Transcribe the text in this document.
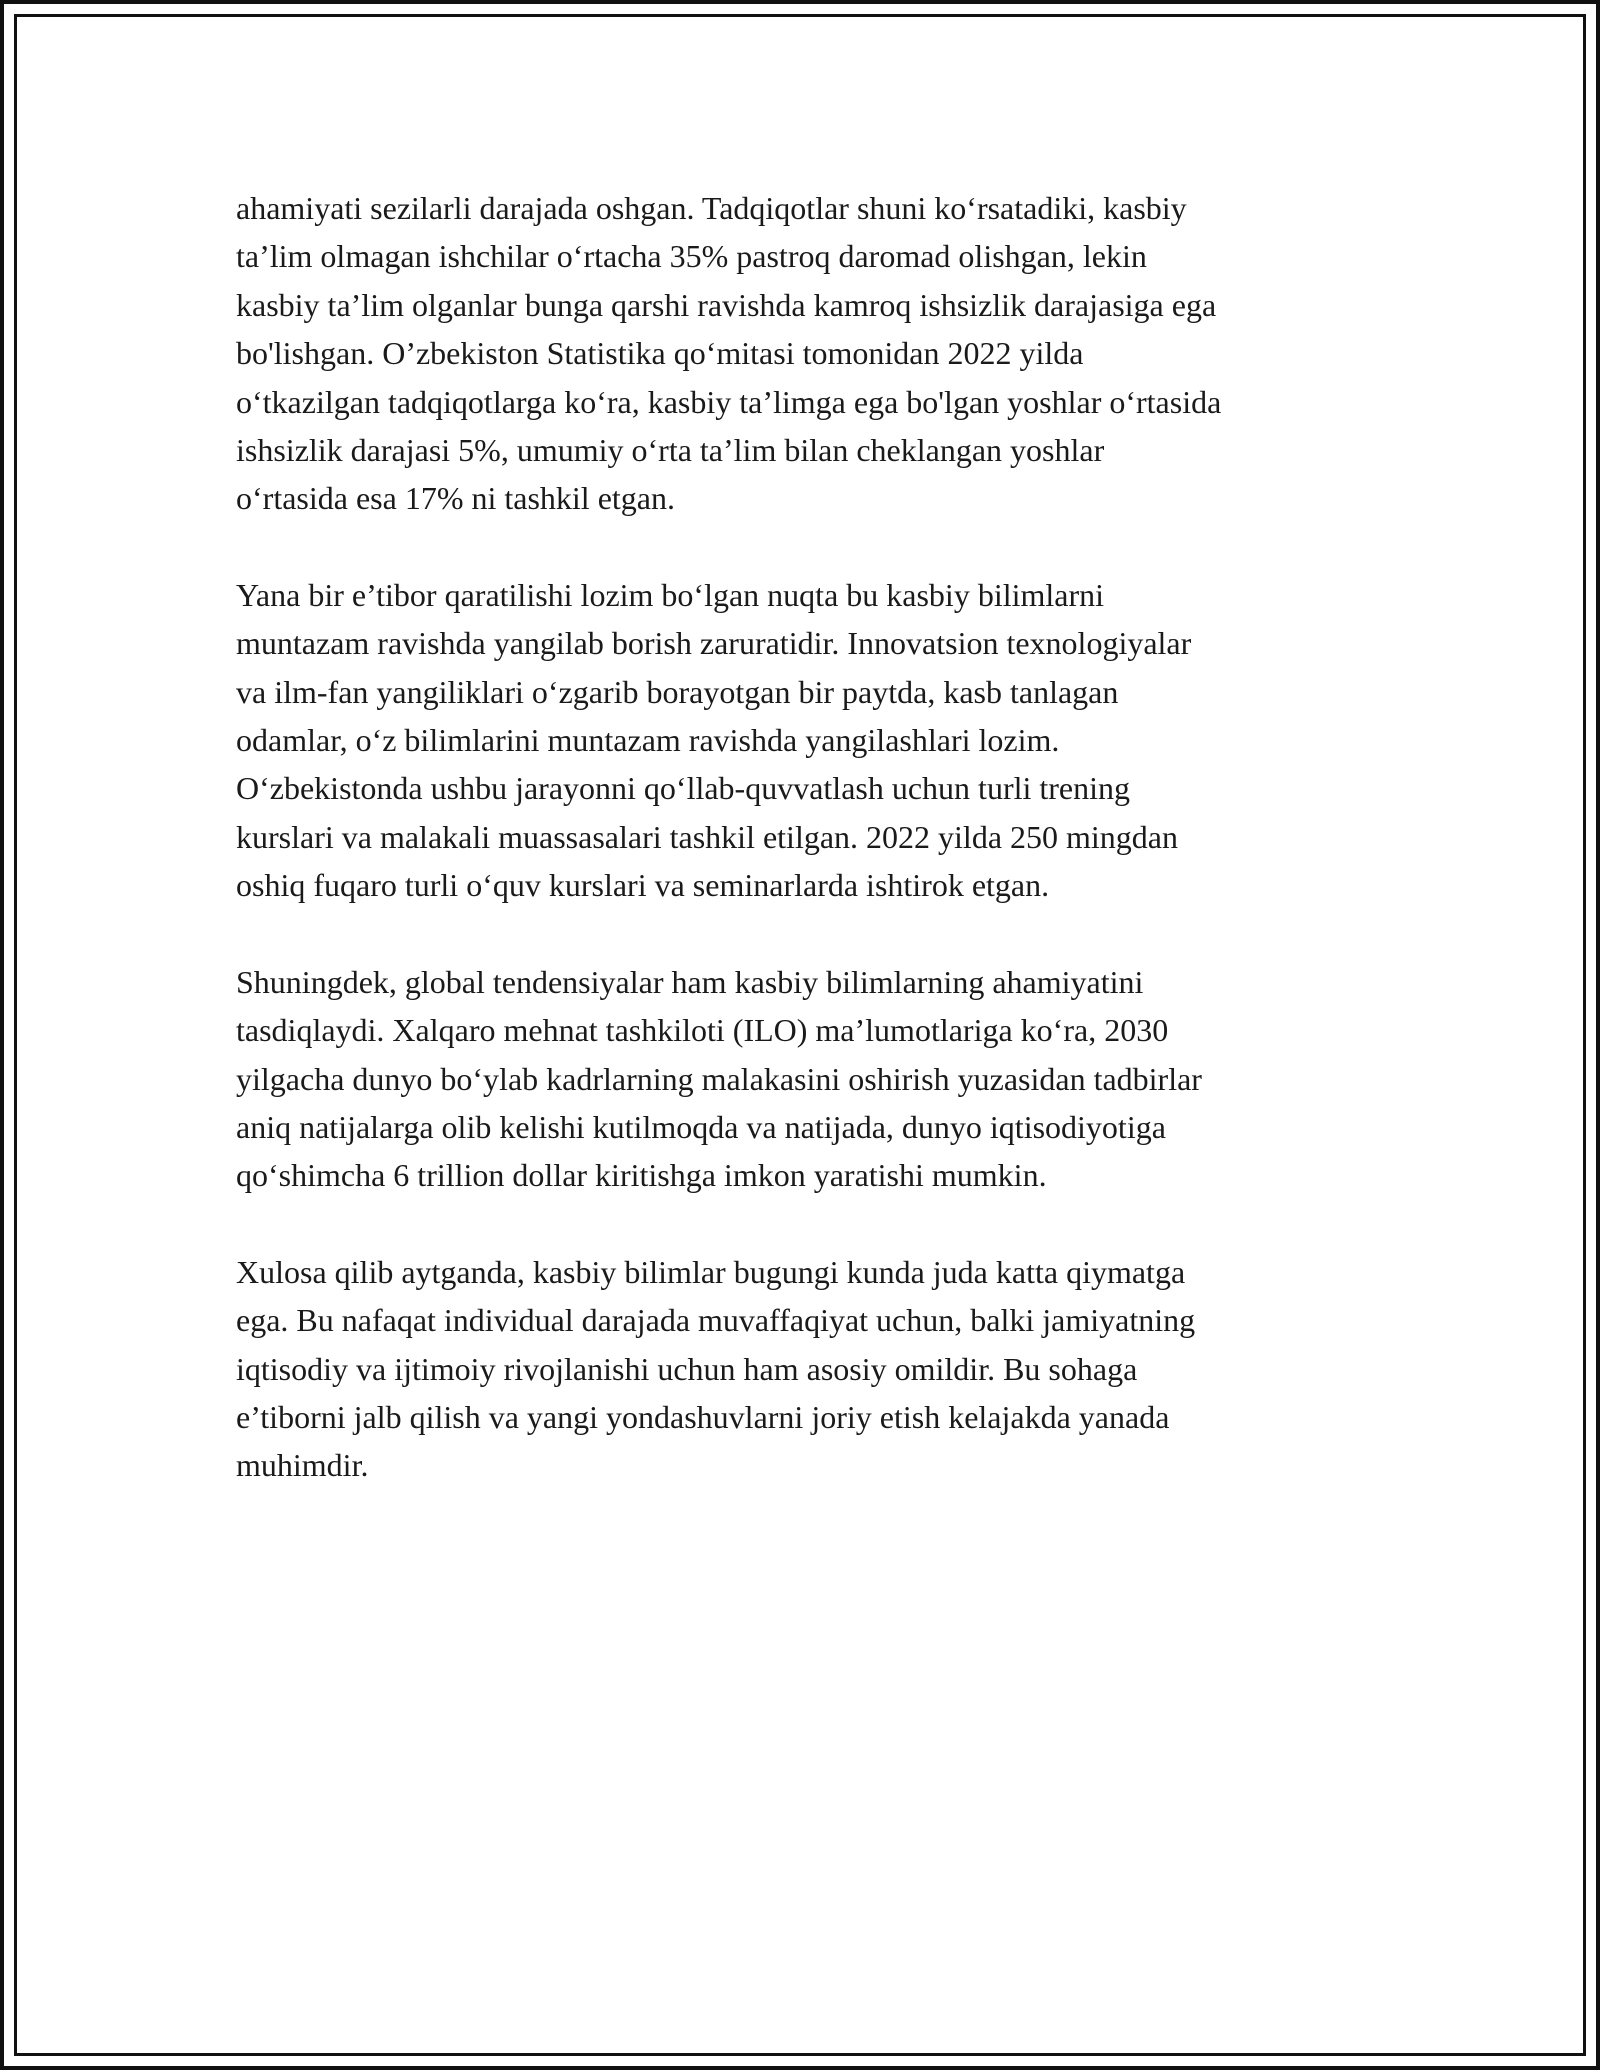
ahamiyati sezilarli darajada oshgan. Tadqiqotlar shuni ko‘rsatadiki, kasbiy
ta’lim olmagan ishchilar o‘rtacha 35% pastroq daromad olishgan, lekin
kasbiy ta’lim olganlar bunga qarshi ravishda kamroq ishsizlik darajasiga ega
bo'lishgan. O’zbekiston Statistika qo‘mitasi tomonidan 2022 yilda
o‘tkazilgan tadqiqotlarga ko‘ra, kasbiy ta’limga ega bo'lgan yoshlar o‘rtasida
ishsizlik darajasi 5%, umumiy o‘rta ta’lim bilan cheklangan yoshlar
o‘rtasida esa 17% ni tashkil etgan.

Yana bir e’tibor qaratilishi lozim bo‘lgan nuqta bu kasbiy bilimlarni
muntazam ravishda yangilab borish zaruratidir. Innovatsion texnologiyalar
va ilm-fan yangiliklari o‘zgarib borayotgan bir paytda, kasb tanlagan
odamlar, o‘z bilimlarini muntazam ravishda yangilashlari lozim.
O‘zbekistonda ushbu jarayonni qo‘llab-quvvatlash uchun turli trening
kurslari va malakali muassasalari tashkil etilgan. 2022 yilda 250 mingdan
oshiq fuqaro turli o‘quv kurslari va seminarlarda ishtirok etgan.

Shuningdek, global tendensiyalar ham kasbiy bilimlarning ahamiyatini
tasdiqlaydi. Xalqaro mehnat tashkiloti (ILO) ma’lumotlariga ko‘ra, 2030
yilgacha dunyo bo‘ylab kadrlarning malakasini oshirish yuzasidan tadbirlar
aniq natijalarga olib kelishi kutilmoqda va natijada, dunyo iqtisodiyotiga
qo‘shimcha 6 trillion dollar kiritishga imkon yaratishi mumkin.

Xulosa qilib aytganda, kasbiy bilimlar bugungi kunda juda katta qiymatga
ega. Bu nafaqat individual darajada muvaffaqiyat uchun, balki jamiyatning
iqtisodiy va ijtimoiy rivojlanishi uchun ham asosiy omildir. Bu sohaga
e’tiborni jalb qilish va yangi yondashuvlarni joriy etish kelajakda yanada
muhimdir.
